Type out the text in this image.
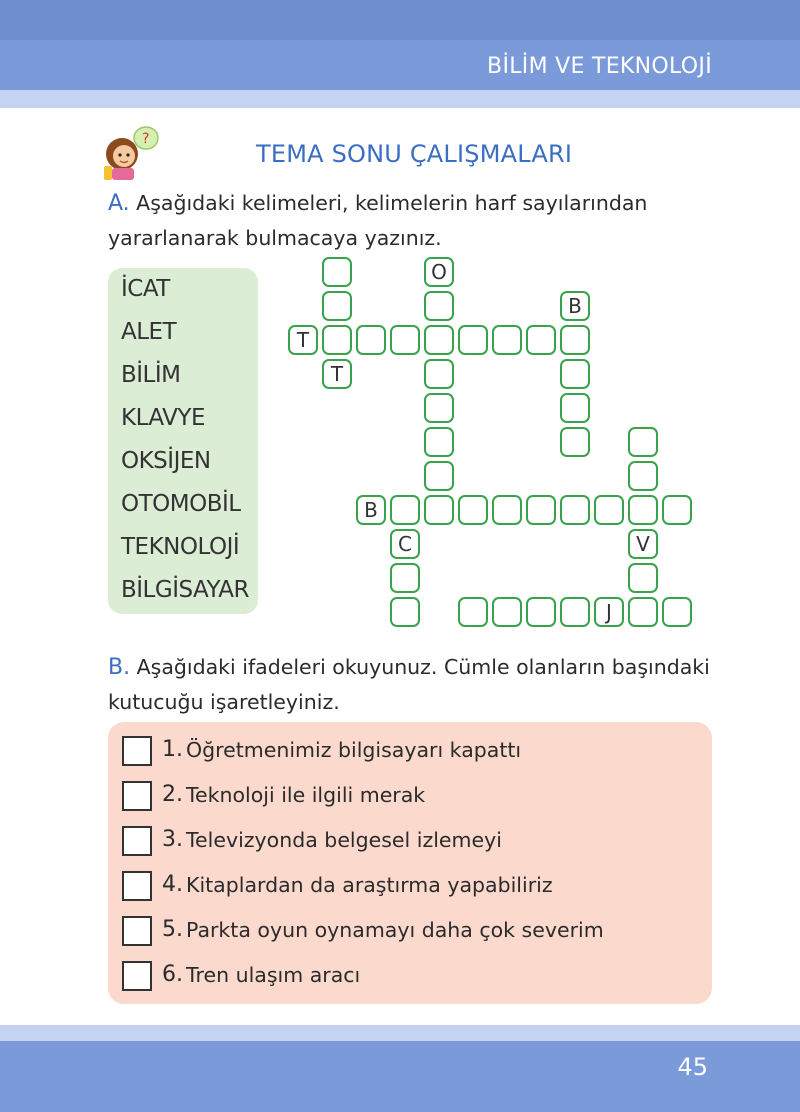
BİLİM VE TEKNOLOJİ
?
TEMA SONU ÇALIŞMALARI
A. Aşağıdaki kelimeleri, kelimelerin harf sayılarından yararlanarak bulmacaya yazınız.
İCAT
ALET
BİLİM
KLAVYE
OKSİJEN
OTOMOBİL
TEKNOLOJİ
BİLGİSAYAR
T
T
O
B
V
B
C
J
B. Aşağıdaki ifadeleri okuyunuz. Cümle olanların başındaki kutucuğu işaretleyiniz.
1. Öğretmenimiz bilgisayarı kapattı
2. Teknoloji ile ilgili merak
3. Televizyonda belgesel izlemeyi
4. Kitaplardan da araştırma yapabiliriz
5. Parkta oyun oynamayı daha çok severim
6. Tren ulaşım aracı
45
